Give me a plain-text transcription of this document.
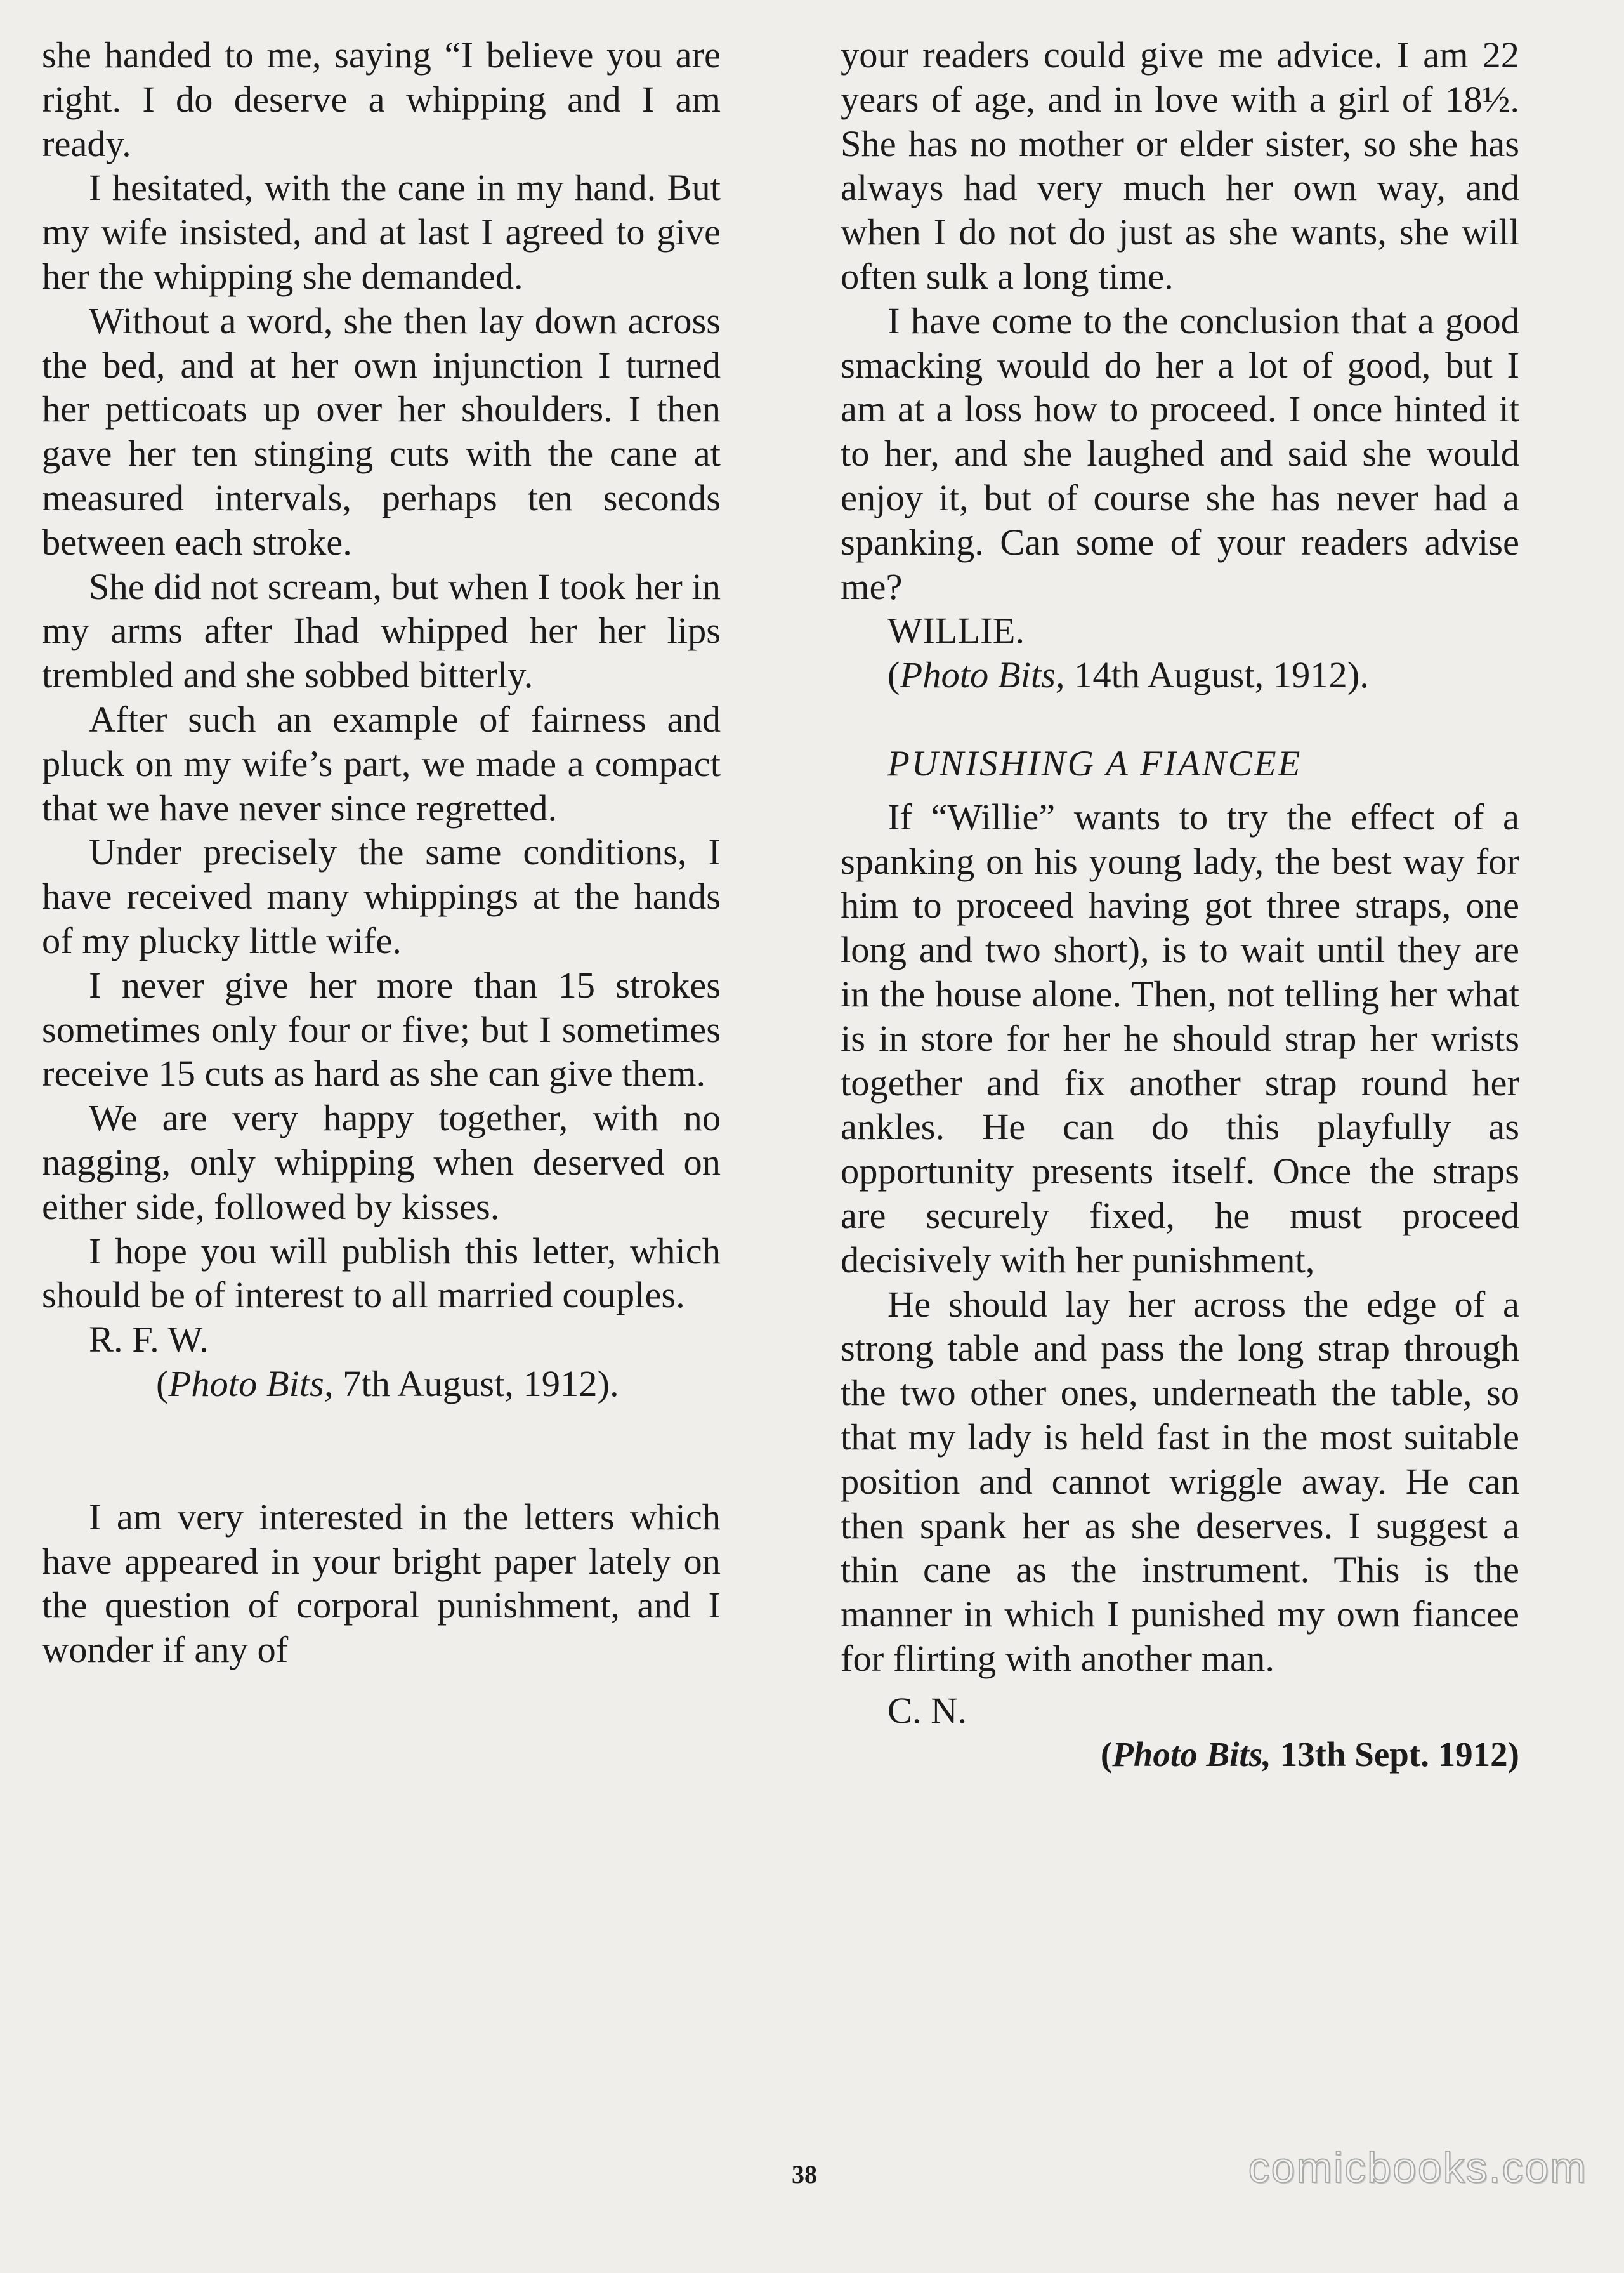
she handed to me, saying “I believe you are right. I do deserve a whipping and I am ready.

I hesitated, with the cane in my hand. But my wife insisted, and at last I agreed to give her the whipping she demanded.

Without a word, she then lay down across the bed, and at her own injunction I turned her petticoats up over her shoulders. I then gave her ten stinging cuts with the cane at measured intervals, perhaps ten seconds between each stroke.

She did not scream, but when I took her in my arms after Ihad whipped her her lips trembled and she sobbed bitterly.

After such an example of fairness and pluck on my wife’s part, we made a compact that we have never since regretted.

Under precisely the same conditions, I have received many whippings at the hands of my plucky little wife.

I never give her more than 15 strokes sometimes only four or five; but I sometimes receive 15 cuts as hard as she can give them.

We are very happy together, with no nagging, only whipping when deserved on either side, followed by kisses.

I hope you will publish this letter, which should be of interest to all married couples.

R. F. W.

(Photo Bits, 7th August, 1912).

I am very interested in the letters which have appeared in your bright paper lately on the question of corporal punishment, and I wonder if any of

your readers could give me advice. I am 22 years of age, and in love with a girl of 18½. She has no mother or elder sister, so she has always had very much her own way, and when I do not do just as she wants, she will often sulk a long time.

I have come to the conclusion that a good smacking would do her a lot of good, but I am at a loss how to proceed. I once hinted it to her, and she laughed and said she would enjoy it, but of course she has never had a spanking. Can some of your readers advise me?

WILLIE.

(Photo Bits, 14th August, 1912).

PUNISHING A FIANCEE

If “Willie” wants to try the effect of a spanking on his young lady, the best way for him to proceed having got three straps, one long and two short), is to wait until they are in the house alone. Then, not telling her what is in store for her he should strap her wrists together and fix another strap round her ankles. He can do this playfully as opportunity presents itself. Once the straps are securely fixed, he must proceed decisively with her punishment,

He should lay her across the edge of a strong table and pass the long strap through the two other ones, underneath the table, so that my lady is held fast in the most suitable position and cannot wriggle away. He can then spank her as she deserves. I suggest a thin cane as the instrument. This is the manner in which I punished my own fiancee for flirting with another man.

C. N.

(Photo Bits, 13th Sept. 1912)

38	comicbooks.com
